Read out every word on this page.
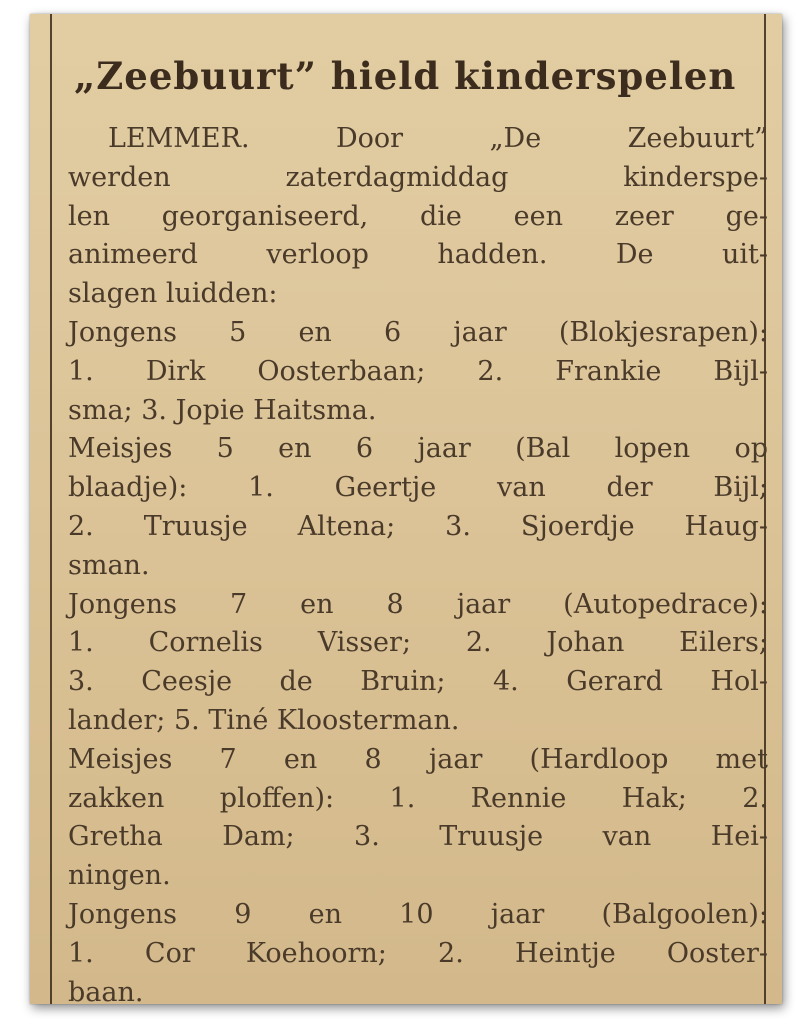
„Zeebuurt” hield kinderspelen
LEMMER. Door „De Zeebuurt”
werden zaterdagmiddag kinderspe-
len georganiseerd, die een zeer ge-
animeerd verloop hadden. De uit-
slagen luidden:
Jongens 5 en 6 jaar (Blokjesrapen):
1. Dirk Oosterbaan; 2. Frankie Bijl-
sma; 3. Jopie Haitsma.
Meisjes 5 en 6 jaar (Bal lopen op
blaadje): 1. Geertje van der Bijl;
2. Truusje Altena; 3. Sjoerdje Haug-
sman.
Jongens 7 en 8 jaar (Autopedrace):
1. Cornelis Visser; 2. Johan Eilers;
3. Ceesje de Bruin; 4. Gerard Hol-
lander; 5. Tiné Kloosterman.
Meisjes 7 en 8 jaar (Hardloop met
zakken ploffen): 1. Rennie Hak; 2.
Gretha Dam; 3. Truusje van Hei-
ningen.
Jongens 9 en 10 jaar (Balgoolen):
1. Cor Koehoorn; 2. Heintje Ooster-
baan.
